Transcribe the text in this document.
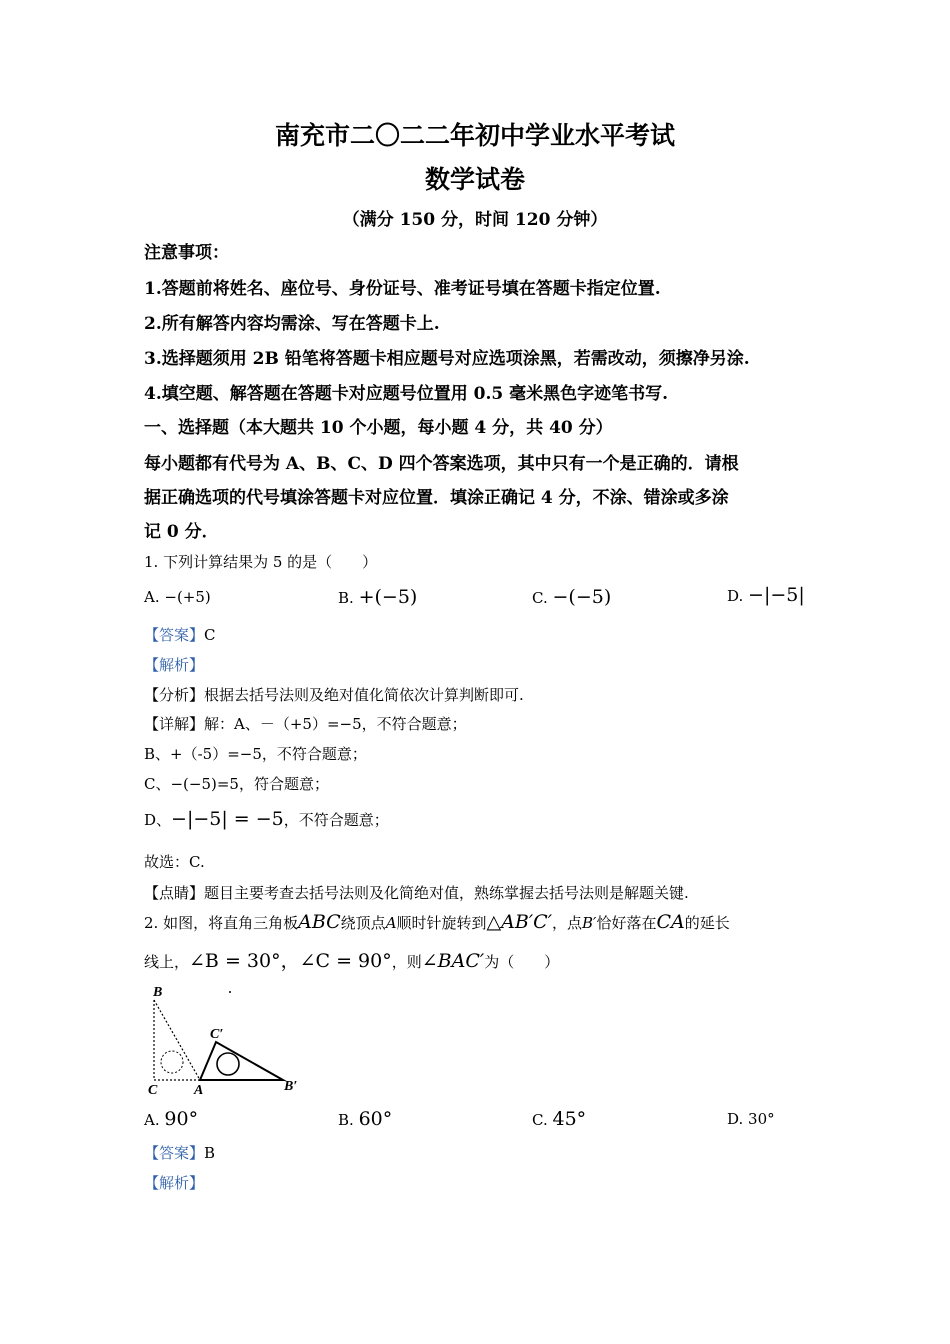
南充市二〇二二年初中学业水平考试
数学试卷
（满分 150 分，时间 120 分钟）
注意事项：
1.答题前将姓名、座位号、身份证号、准考证号填在答题卡指定位置.
2.所有解答内容均需涂、写在答题卡上.
3.选择题须用 2B 铅笔将答题卡相应题号对应选项涂黑，若需改动，须擦净另涂.
4.填空题、解答题在答题卡对应题号位置用 0.5 毫米黑色字迹笔书写.
一、选择题（本大题共 10 个小题，每小题 4 分，共 40 分）
每小题都有代号为 A、B、C、D 四个答案选项，其中只有一个是正确的．请根
据正确选项的代号填涂答题卡对应位置．填涂正确记 4 分，不涂、错涂或多涂
记 0 分．
1. 下列计算结果为 5 的是（　　）
A. −(+5)	B. +(−5)	C. −(−5)	D. −|−5|
【答案】C
【解析】
【分析】根据去括号法则及绝对值化简依次计算判断即可.
【详解】解：A、－（+5）=−5，不符合题意；
B、+（-5）=−5，不符合题意；
C、−(−5)=5，符合题意；
D、−|−5| = −5，不符合题意；
故选：C.
【点睛】题目主要考查去括号法则及化简绝对值，熟练掌握去括号法则是解题关键.
2. 如图，将直角三角板ABC绕顶点A顺时针旋转到△AB′C′，点B′恰好落在CA的延长
线上，∠B = 30°，∠C = 90°，则∠BAC′为（　　）
B
C′
C	A	B′
A. 90°	B. 60°	C. 45°	D. 30°
【答案】B
【解析】
